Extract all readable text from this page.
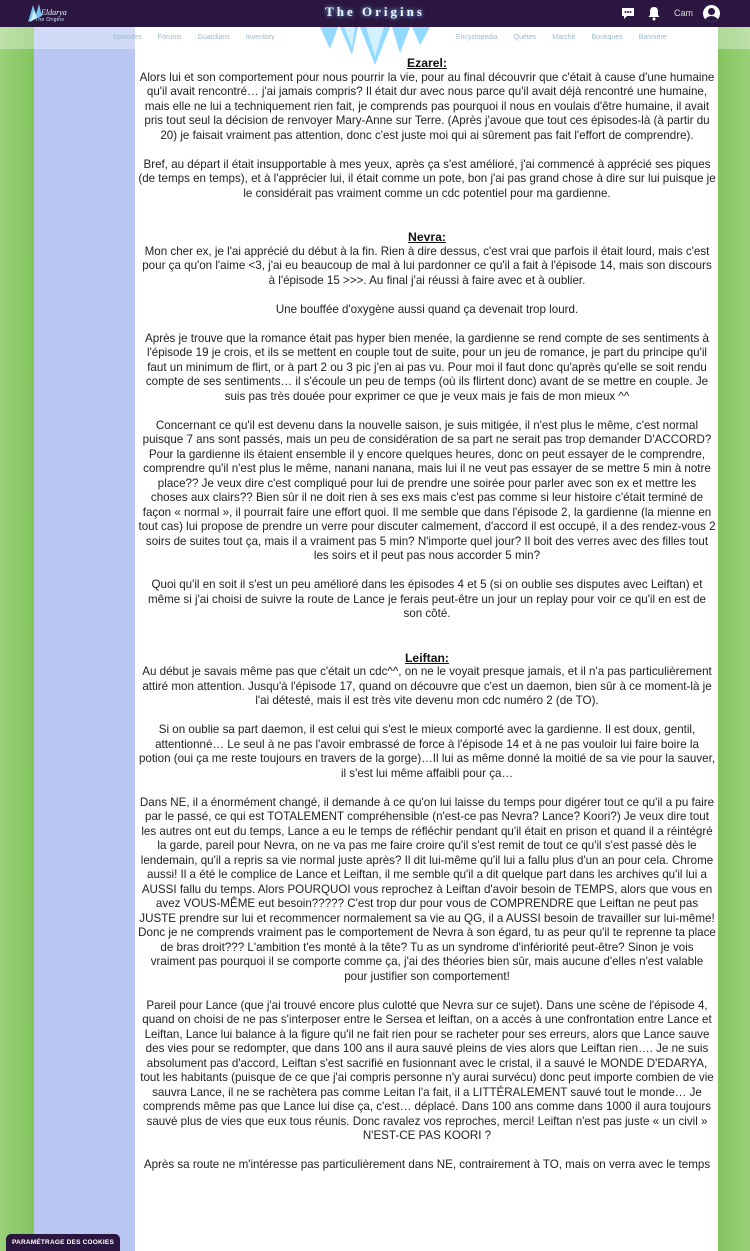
Eldarya
The Origins
The Origins	Cam
Episodes Forums Guardians Inventory	Encyclopedia Quêtes Marché Boutiques Bannière
Ezarel:

Alors lui et son comportement pour nous pourrir la vie, pour au final découvrir que c'était à cause d'une humaine qu'il avait rencontré… j'ai jamais compris? Il était dur avec nous parce qu'il avait déjà rencontré une humaine, mais elle ne lui a techniquement rien fait, je comprends pas pourquoi il nous en voulais d'être humaine, il avait pris tout seul la décision de renvoyer Mary-Anne sur Terre. (Après j'avoue que tout ces épisodes-là (à partir du 20) je faisait vraiment pas attention, donc c'est juste moi qui ai sûrement pas fait l'effort de comprendre).

Bref, au départ il était insupportable à mes yeux, après ça s'est amélioré, j'ai commencé à apprécié ses piques (de temps en temps), et à l'apprécier lui, il était comme un pote, bon j'ai pas grand chose à dire sur lui puisque je le considérait pas vraiment comme un cdc potentiel pour ma gardienne.

Nevra:

Mon cher ex, je l'ai apprécié du début à la fin. Rien à dire dessus, c'est vrai que parfois il était lourd, mais c'est pour ça qu'on l'aime <3, j'ai eu beaucoup de mal à lui pardonner ce qu'il a fait à l'épisode 14, mais son discours à l'épisode 15 >>>. Au final j'ai réussi à faire avec et à oublier.

Une bouffée d'oxygène aussi quand ça devenait trop lourd.

Après je trouve que la romance était pas hyper bien menée, la gardienne se rend compte de ses sentiments à l'épisode 19 je crois, et ils se mettent en couple tout de suite, pour un jeu de romance, je part du principe qu'il faut un minimum de flirt, or à part 2 ou 3 pic j'en ai pas vu. Pour moi il faut donc qu'après qu'elle se soit rendu compte de ses sentiments… il s'écoule un peu de temps (où ils flirtent donc) avant de se mettre en couple. Je suis pas très douée pour exprimer ce que je veux mais je fais de mon mieux ^^

Concernant ce qu'il est devenu dans la nouvelle saison, je suis mitigée, il n'est plus le même, c'est normal puisque 7 ans sont passés, mais un peu de considération de sa part ne serait pas trop demander D'ACCORD? Pour la gardienne ils étaient ensemble il y encore quelques heures, donc on peut essayer de le comprendre, comprendre qu'il n'est plus le même, nanani nanana, mais lui il ne veut pas essayer de se mettre 5 min à notre place?? Je veux dire c'est compliqué pour lui de prendre une soirée pour parler avec son ex et mettre les choses aux clairs?? Bien sûr il ne doit rien à ses exs mais c'est pas comme si leur histoire c'était terminé de façon « normal », il pourrait faire une effort quoi. Il me semble que dans l'épisode 2, la gardienne (la mienne en tout cas) lui propose de prendre un verre pour discuter calmement, d'accord il est occupé, il a des rendez-vous 2 soirs de suites tout ça, mais il a vraiment pas 5 min? N'importe quel jour? Il boit des verres avec des filles tout les soirs et il peut pas nous accorder 5 min?

Quoi qu'il en soit il s'est un peu amélioré dans les épisodes 4 et 5 (si on oublie ses disputes avec Leiftan) et même si j'ai choisi de suivre la route de Lance je ferais peut-être un jour un replay pour voir ce qu'il en est de son côté.

Leiftan:

Au début je savais même pas que c'était un cdc^^, on ne le voyait presque jamais, et il n'a pas particulièrement attiré mon attention. Jusqu'à l'épisode 17, quand on découvre que c'est un daemon, bien sûr à ce moment-là je l'ai détesté, mais il est très vite devenu mon cdc numéro 2 (de TO).

Si on oublie sa part daemon, il est celui qui s'est le mieux comporté avec la gardienne. Il est doux, gentil, attentionné… Le seul à ne pas l'avoir embrassé de force à l'épisode 14 et à ne pas vouloir lui faire boire la potion (oui ça me reste toujours en travers de la gorge)…Il lui as même donné la moitié de sa vie pour la sauver, il s'est lui même affaibli pour ça…

Dans NE, il a énormément changé, il demande à ce qu'on lui laisse du temps pour digérer tout ce qu'il a pu faire par le passé, ce qui est TOTALEMENT compréhensible (n'est-ce pas Nevra? Lance? Koori?) Je veux dire tout les autres ont eut du temps, Lance a eu le temps de réfléchir pendant qu'il était en prison et quand il a réintégré la garde, pareil pour Nevra, on ne va pas me faire croire qu'il s'est remit de tout ce qu'il s'est passé dès le lendemain, qu'il a repris sa vie normal juste après? Il dit lui-même qu'il lui a fallu plus d'un an pour cela. Chrome aussi! Il a été le complice de Lance et Leiftan, il me semble qu'il a dit quelque part dans les archives qu'il lui a AUSSI fallu du temps. Alors POURQUOI vous reprochez à Leiftan d'avoir besoin de TEMPS, alors que vous en avez VOUS-MÊME eut besoin????? C'est trop dur pour vous de COMPRENDRE que Leiftan ne peut pas JUSTE prendre sur lui et recommencer normalement sa vie au QG, il a AUSSI besoin de travailler sur lui-même! Donc je ne comprends vraiment pas le comportement de Nevra à son égard, tu as peur qu'il te reprenne ta place de bras droit??? L'ambition t'es monté à la tête? Tu as un syndrome d'infériorité peut-être? Sinon je vois vraiment pas pourquoi il se comporte comme ça, j'ai des théories bien sûr, mais aucune d'elles n'est valable pour justifier son comportement!

Pareil pour Lance (que j'ai trouvé encore plus culotté que Nevra sur ce sujet). Dans une scène de l'épisode 4, quand on choisi de ne pas s'interposer entre le Sersea et leiftan, on a accès à une confrontation entre Lance et Leiftan, Lance lui balance à la figure qu'il ne fait rien pour se racheter pour ses erreurs, alors que Lance sauve des vies pour se redompter, que dans 100 ans il aura sauvé pleins de vies alors que Leiftan rien…. Je ne suis absolument pas d'accord, Leiftan s'est sacrifié en fusionnant avec le cristal, il a sauvé le MONDE D'EDARYA, tout les habitants (puisque de ce que j'ai compris personne n'y aurai survécu) donc peut importe combien de vie sauvra Lance, il ne se rachètera pas comme Leitan l'a fait, il a LITTÉRALEMENT sauvé tout le monde… Je comprends même pas que Lance lui dise ça, c'est… déplacé. Dans 100 ans comme dans 1000 il aura toujours sauvé plus de vies que eux tous réunis. Donc ravalez vos reproches, merci! Leiftan n'est pas juste « un civil » N'EST-CE PAS KOORI ?

Après sa route ne m'intéresse pas particulièrement dans NE, contrairement à TO, mais on verra avec le temps

PARAMÉTRAGE DES COOKIES
